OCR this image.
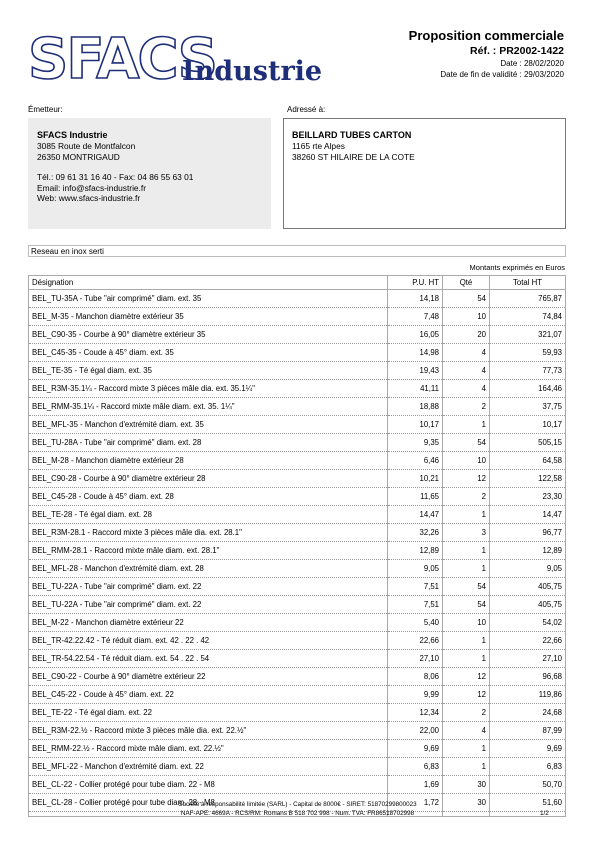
SFACS
Industrie
Proposition commerciale
Réf. : PR2002-1422
Date : 28/02/2020
Date de fin de validité : 29/03/2020
Émetteur:
SFACS Industrie
3085 Route de Montfalcon
26350 MONTRIGAUD
Tél.: 09 61 31 16 40 - Fax: 04 86 55 63 01
Email: info@sfacs-industrie.fr
Web: www.sfacs-industrie.fr
Adressé à:
BEILLARD TUBES CARTON
1165 rte Alpes
38260 ST HILAIRE DE LA COTE
Reseau en inox serti
Montants exprimés en Euros
Désignation	P.U. HT	Qté	Total HT
BEL_TU-35A - Tube "air comprimé" diam. ext. 35	14,18	54	765,87
BEL_M-35 - Manchon diamètre extérieur 35	7,48	10	74,84
BEL_C90-35 - Courbe à 90° diamètre extérieur 35	16,05	20	321,07
BEL_C45-35 - Coude à 45° diam. ext. 35	14,98	4	59,93
BEL_TE-35 - Té égal diam. ext. 35	19,43	4	77,73
BEL_R3M-35.1¼ - Raccord mixte 3 pièces mâle dia. ext. 35.1¼"	41,11	4	164,46
BEL_RMM-35.1¼ - Raccord mixte mâle diam. ext. 35. 1¼"	18,88	2	37,75
BEL_MFL-35 - Manchon d'extrémité diam. ext. 35	10,17	1	10,17
BEL_TU-28A - Tube "air comprimé" diam. ext. 28	9,35	54	505,15
BEL_M-28 - Manchon diamètre extérieur 28	6,46	10	64,58
BEL_C90-28 - Courbe à 90° diamètre extérieur 28	10,21	12	122,58
BEL_C45-28 - Coude à 45° diam. ext. 28	11,65	2	23,30
BEL_TE-28 - Té égal diam. ext. 28	14,47	1	14,47
BEL_R3M-28.1 - Raccord mixte 3 pièces mâle dia. ext. 28.1"	32,26	3	96,77
BEL_RMM-28.1 - Raccord mixte mâle diam. ext. 28.1"	12,89	1	12,89
BEL_MFL-28 - Manchon d'extrémité diam. ext. 28	9,05	1	9,05
BEL_TU-22A - Tube "air comprimé" diam. ext. 22	7,51	54	405,75
BEL_TU-22A - Tube "air comprimé" diam. ext. 22	7,51	54	405,75
BEL_M-22 - Manchon diamètre extérieur 22	5,40	10	54,02
BEL_TR-42.22.42 - Té réduit diam. ext. 42 . 22 . 42	22,66	1	22,66
BEL_TR-54.22.54 - Té réduit diam. ext. 54 . 22 . 54	27,10	1	27,10
BEL_C90-22 - Courbe à 90° diamètre extérieur 22	8,06	12	96,68
BEL_C45-22 - Coude à 45° diam. ext. 22	9,99	12	119,86
BEL_TE-22 - Té égal diam. ext. 22	12,34	2	24,68
BEL_R3M-22.½ - Raccord mixte 3 pièces mâle dia. ext. 22.½"	22,00	4	87,99
BEL_RMM-22.½ - Raccord mixte mâle diam. ext. 22.½"	9,69	1	9,69
BEL_MFL-22 - Manchon d'extrémité diam. ext. 22	6,83	1	6,83
BEL_CL-22 - Collier protégé pour tube diam. 22 - M8	1,69	30	50,70
BEL_CL-28 - Collier protégé pour tube diam. 28 - M8	1,72	30	51,60

Société à responsabilité limitée (SARL) - Capital de 8000€ - SIRET: 51870299800023
NAF-APE: 4669A - RCS/RM: Romans B 518 702 998 - Num. TVA: FR86518702998	1/2
